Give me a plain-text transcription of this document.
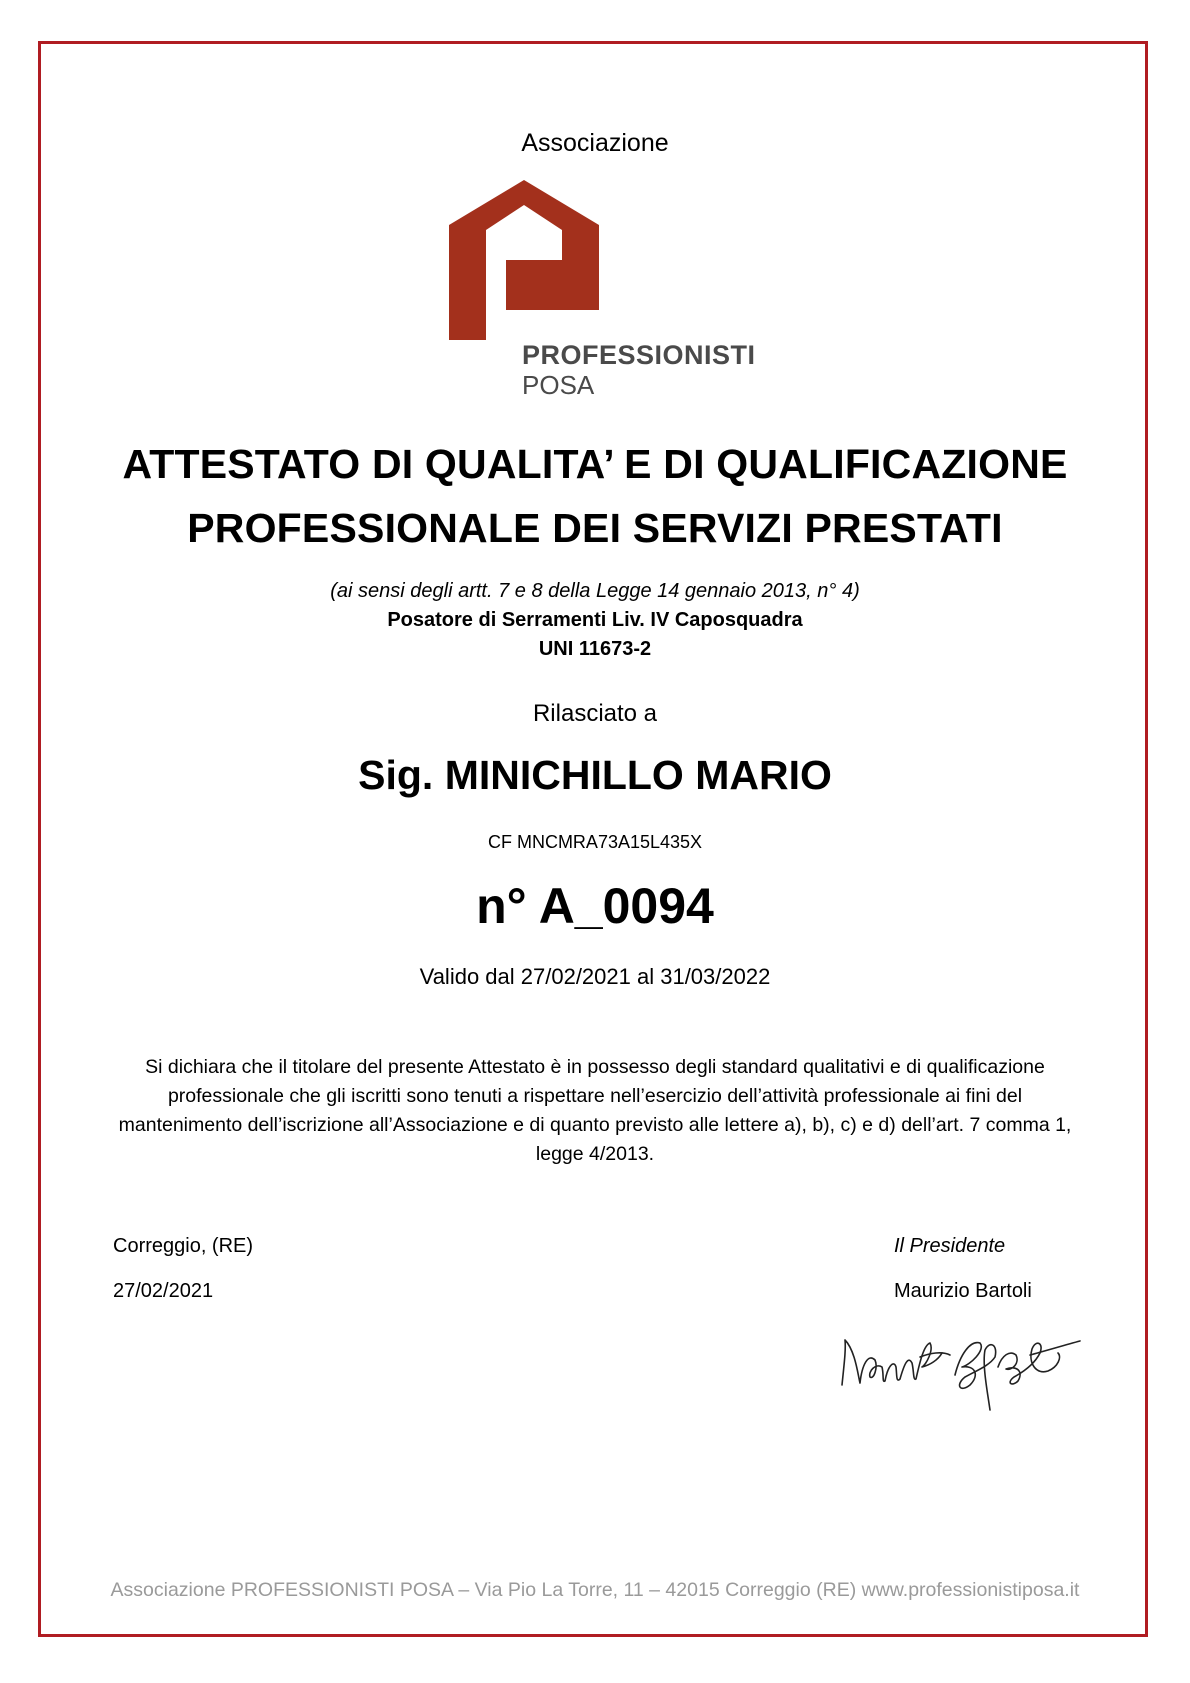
Associazione
PROFESSIONISTI
POSA
ATTESTATO DI QUALITA’ E DI QUALIFICAZIONE
PROFESSIONALE DEI SERVIZI PRESTATI
(ai sensi degli artt. 7 e 8 della Legge 14 gennaio 2013, n° 4)
Posatore di Serramenti Liv. IV Caposquadra
UNI 11673-2
Rilasciato a
Sig. MINICHILLO MARIO
CF MNCMRA73A15L435X
n° A_0094
Valido dal 27/02/2021 al 31/03/2022
Si dichiara che il titolare del presente Attestato è in possesso degli standard qualitativi e di qualificazione professionale che gli iscritti sono tenuti a rispettare nell’esercizio dell’attività professionale ai fini del mantenimento dell’iscrizione all’Associazione e di quanto previsto alle lettere a), b), c) e d) dell’art. 7 comma 1, legge 4/2013.
Correggio, (RE)
27/02/2021
Il Presidente
Maurizio Bartoli
Associazione PROFESSIONISTI POSA – Via Pio La Torre, 11 – 42015 Correggio (RE) www.professionistiposa.it
